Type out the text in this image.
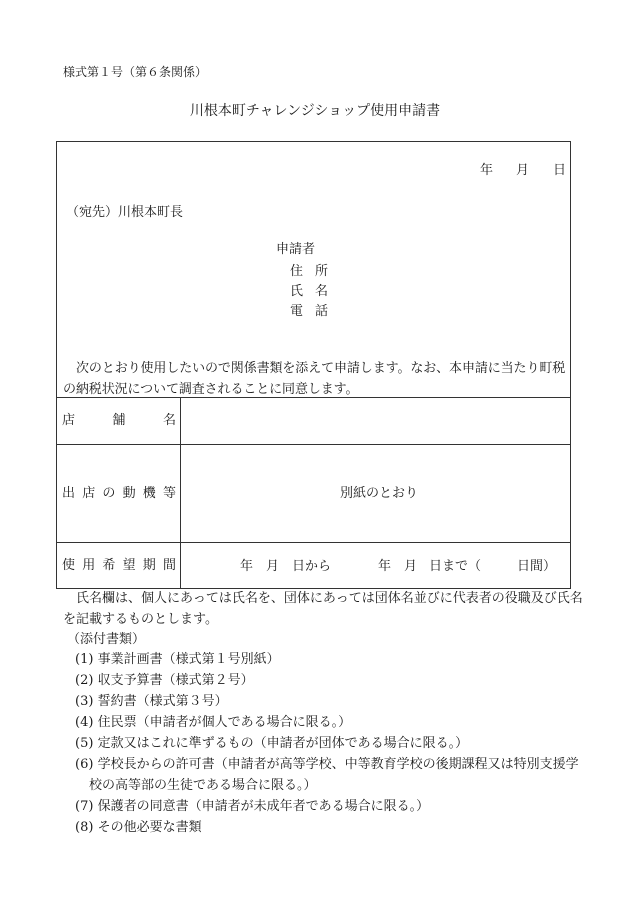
様式第１号（第６条関係）
川根本町チャレンジショップ使用申請書
年 月 日
（宛先）川根本町長
申請者
住所
氏名
電話
次のとおり使用したいので関係書類を添えて申請します。なお、本申請に当たり町税の納税状況について調査されることに同意します。
店	舗	名
出 店 の 動 機 等	別紙のとおり
使 用 希 望 期 間	年 月 日から	年 月 日まで（	日間）
氏名欄は、個人にあっては氏名を、団体にあっては団体名並びに代表者の役職及び氏名
を記載するものとします。
（添付書類）
(1) 事業計画書（様式第１号別紙）
(2) 収支予算書（様式第２号）
(3) 誓約書（様式第３号）
(4) 住民票（申請者が個人である場合に限る。）
(5) 定款又はこれに準ずるもの（申請者が団体である場合に限る。）
(6) 学校長からの許可書（申請者が高等学校、中等教育学校の後期課程又は特別支援学
校の高等部の生徒である場合に限る。）
(7) 保護者の同意書（申請者が未成年者である場合に限る。）
(8) その他必要な書類
